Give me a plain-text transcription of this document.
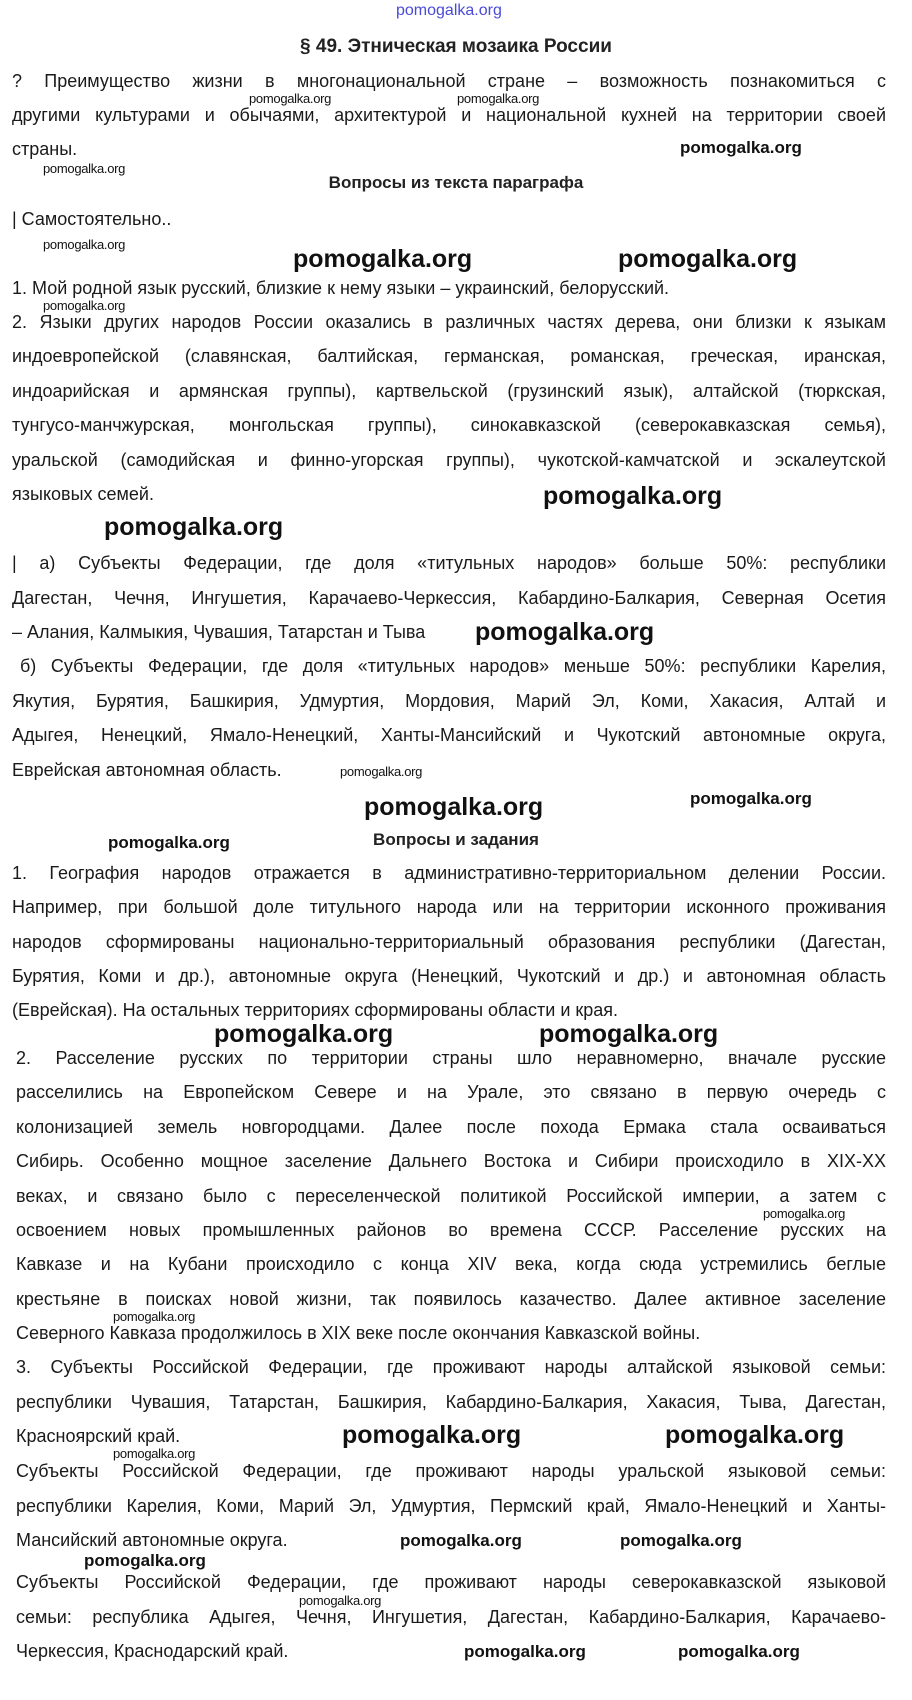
§ 49. Этническая мозаика России
Вопросы из текста параграфа
Вопросы и задания
| Самостоятельно..
? Преимущество жизни в многонациональной стране – возможность познакомиться с
другими культурами и обычаями, архитектурой и национальной кухней на территории своей
страны.
1. Мой родной язык русский, близкие к нему языки – украинский, белорусский.
2. Языки других народов России оказались в различных частях дерева, они близки к языкам
индоевропейской (славянская, балтийская, германская, романская, греческая, иранская,
индоарийская и армянская группы), картвельской (грузинский язык), алтайской (тюркская,
тунгусо-манчжурская, монгольская группы), синокавказской (северокавказская семья),
уральской (самодийская и финно-угорская группы), чукотской-камчатской и эскалеутской
языковых семей.
| а) Субъекты Федерации, где доля «титульных народов» больше 50%: республики
Дагестан, Чечня, Ингушетия, Карачаево-Черкессия, Кабардино-Балкария, Северная Осетия
– Алания, Калмыкия, Чувашия, Татарстан и Тыва
б) Субъекты Федерации, где доля «титульных народов» меньше 50%: республики Карелия,
Якутия, Бурятия, Башкирия, Удмуртия, Мордовия, Марий Эл, Коми, Хакасия, Алтай и
Адыгея, Ненецкий, Ямало-Ненецкий, Ханты-Мансийский и Чукотский автономные округа,
Еврейская автономная область.
1. География народов отражается в административно-территориальном делении России.
Например, при большой доле титульного народа или на территории исконного проживания
народов сформированы национально-территориальный образования республики (Дагестан,
Бурятия, Коми и др.), автономные округа (Ненецкий, Чукотский и др.) и автономная область
(Еврейская). На остальных территориях сформированы области и края.
2. Расселение русских по территории страны шло неравномерно, вначале русские
расселились на Европейском Севере и на Урале, это связано в первую очередь с
колонизацией земель новгородцами. Далее после похода Ермака стала осваиваться
Сибирь. Особенно мощное заселение Дальнего Востока и Сибири происходило в XIX-XX
веках, и связано было с переселенческой политикой Российской империи, а затем с
освоением новых промышленных районов во времена СССР. Расселение русских на
Кавказе и на Кубани происходило с конца XIV века, когда сюда устремились беглые
крестьяне в поисках новой жизни, так появилось казачество. Далее активное заселение
Северного Кавказа продолжилось в XIX веке после окончания Кавказской войны.
3. Субъекты Российской Федерации, где проживают народы алтайской языковой семьи:
республики Чувашия, Татарстан, Башкирия, Кабардино-Балкария, Хакасия, Тыва, Дагестан,
Красноярский край.
Субъекты Российской Федерации, где проживают народы уральской языковой семьи:
республики Карелия, Коми, Марий Эл, Удмуртия, Пермский край, Ямало-Ненецкий и Ханты-
Мансийский автономные округа.
Субъекты Российской Федерации, где проживают народы северокавказской языковой
семьи: республика Адыгея, Чечня, Ингушетия, Дагестан, Кабардино-Балкария, Карачаево-
Черкессия, Краснодарский край.
pomogalka.org
pomogalka.org	pomogalka.org
pomogalka.org
pomogalka.org
pomogalka.org
pomogalka.org	pomogalka.org
pomogalka.org
pomogalka.org
pomogalka.org
pomogalka.org
pomogalka.org
pomogalka.org
pomogalka.org
pomogalka.org
pomogalka.org	pomogalka.org
pomogalka.org
pomogalka.org
pomogalka.org	pomogalka.org
pomogalka.org
pomogalka.org	pomogalka.org
pomogalka.org
pomogalka.org
pomogalka.org	pomogalka.org
